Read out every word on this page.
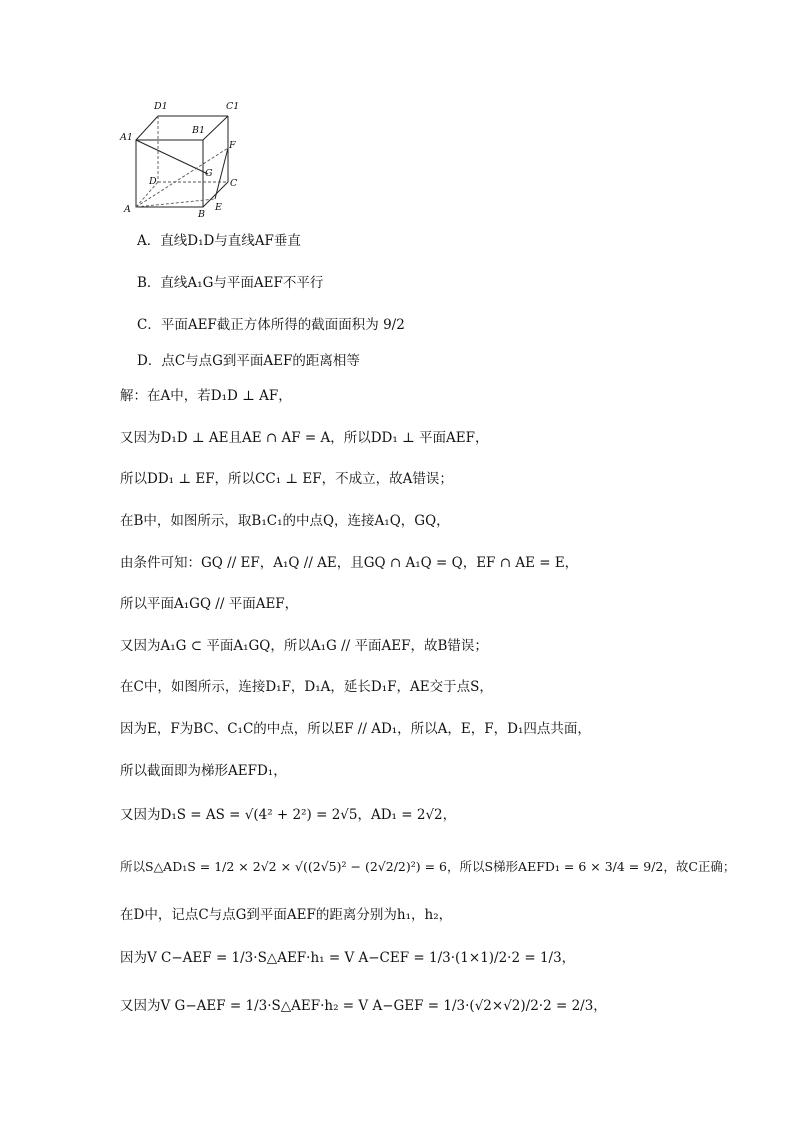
D1	C1
A1
B1
F
D
G
C
A	B
E
A．直线D₁D与直线AF垂直
B．直线A₁G与平面AEF不平行
C．平面AEF截正方体所得的截面面积为 9/2
D．点C与点G到平面AEF的距离相等
解：在A中，若D₁D ⊥ AF，
又因为D₁D ⊥ AE且AE ∩ AF = A，所以DD₁ ⊥ 平面AEF，
所以DD₁ ⊥ EF，所以CC₁ ⊥ EF，不成立，故A错误；
在B中，如图所示，取B₁C₁的中点Q，连接A₁Q，GQ，
由条件可知：GQ // EF，A₁Q // AE，且GQ ∩ A₁Q = Q，EF ∩ AE = E，
所以平面A₁GQ // 平面AEF，
又因为A₁G ⊂ 平面A₁GQ，所以A₁G // 平面AEF，故B错误；
在C中，如图所示，连接D₁F，D₁A，延长D₁F，AE交于点S，
因为E，F为BC、C₁C的中点，所以EF // AD₁，所以A，E，F，D₁四点共面，
所以截面即为梯形AEFD₁，
又因为D₁S = AS = √(4² + 2²) = 2√5，AD₁ = 2√2，
所以S△AD₁S = 1/2 × 2√2 × √((2√5)² − (2√2/2)²) = 6，所以S梯形AEFD₁ = 6 × 3/4 = 9/2，故C正确；
在D中，记点C与点G到平面AEF的距离分别为h₁，h₂，
因为V C−AEF = 1/3·S△AEF·h₁ = V A−CEF = 1/3·(1×1)/2·2 = 1/3，
又因为V G−AEF = 1/3·S△AEF·h₂ = V A−GEF = 1/3·(√2×√2)/2·2 = 2/3，
